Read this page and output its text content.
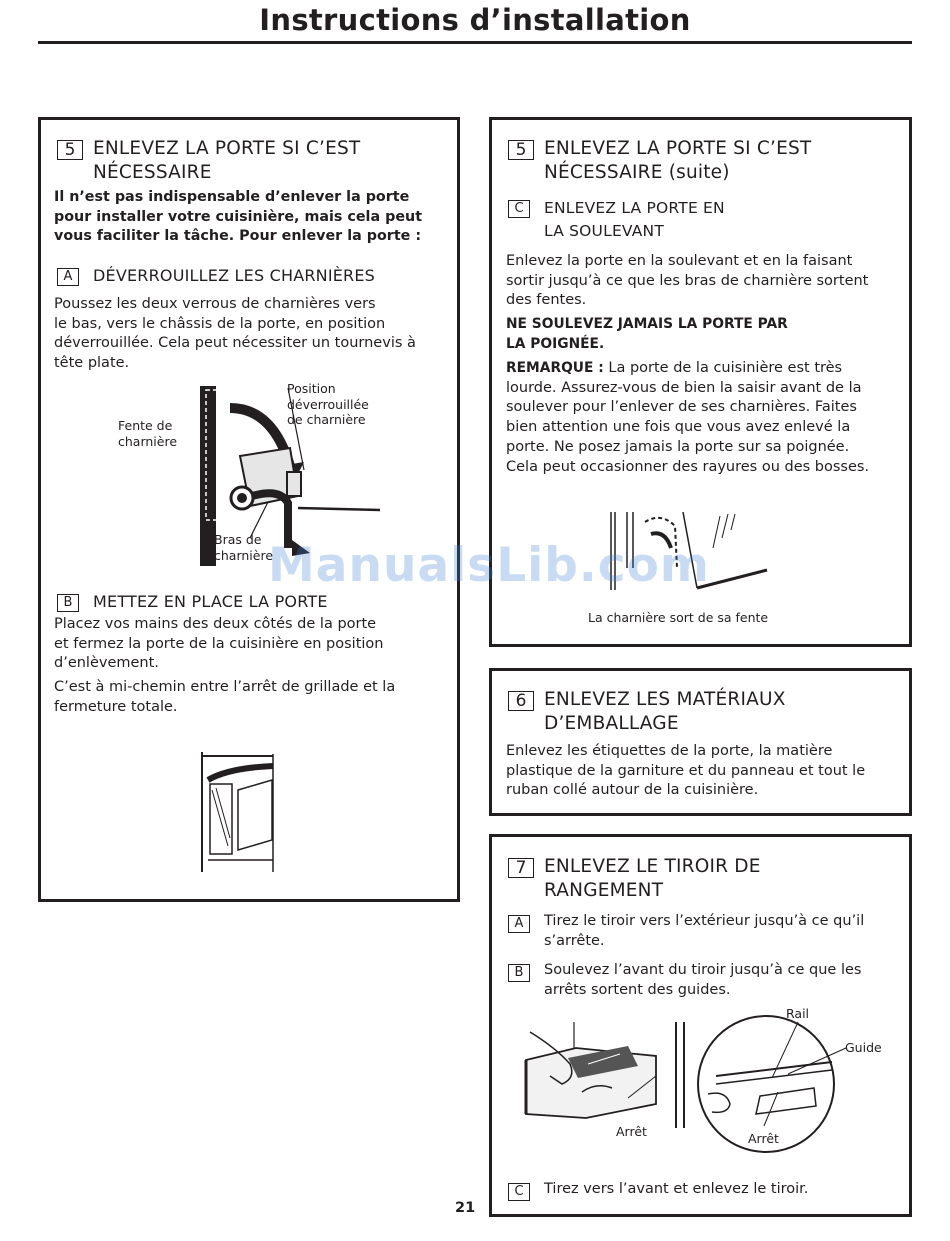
Instructions d’installation
5 ENLEVEZ LA PORTE SI C’EST
NÉCESSAIRE
Il n’est pas indispensable d’enlever la porte
pour installer votre cuisinière, mais cela peut
vous faciliter la tâche. Pour enlever la porte :
A	DÉVERROUILLEZ LES CHARNIÈRES
Poussez les deux verrous de charnières vers
le bas, vers le châssis de la porte, en position
déverrouillée. Cela peut nécessiter un tournevis à
tête plate.
Fente de
charnière
Position
déverrouillée
de charnière
Bras de
charnière
B	METTEZ EN PLACE LA PORTE
Placez vos mains des deux côtés de la porte
et fermez la porte de la cuisinière en position
d’enlèvement.
C’est à mi-chemin entre l’arrêt de grillade et la
fermeture totale.
5 ENLEVEZ LA PORTE SI C’EST
NÉCESSAIRE (suite)
C	ENLEVEZ LA PORTE EN
LA SOULEVANT
Enlevez la porte en la soulevant et en la faisant
sortir jusqu’à ce que les bras de charnière sortent
des fentes.
NE SOULEVEZ JAMAIS LA PORTE PAR
LA POIGNÉE.
REMARQUE : La porte de la cuisinière est très
lourde. Assurez-vous de bien la saisir avant de la
soulever pour l’enlever de ses charnières. Faites
bien attention une fois que vous avez enlevé la
porte. Ne posez jamais la porte sur sa poignée.
Cela peut occasionner des rayures ou des bosses.
La charnière sort de sa fente
6 ENLEVEZ LES MATÉRIAUX
D’EMBALLAGE
Enlevez les étiquettes de la porte, la matière
plastique de la garniture et du panneau et tout le
ruban collé autour de la cuisinière.
7 ENLEVEZ LE TIROIR DE
RANGEMENT
A	Tirez le tiroir vers l’extérieur jusqu’à ce qu’il
s’arrête.
B	Soulevez l’avant du tiroir jusqu’à ce que les
arrêts sortent des guides.
Rail
Guide
Arrêt	Arrêt
C	Tirez vers l’avant et enlevez le tiroir.
21
ManualsLib.com
